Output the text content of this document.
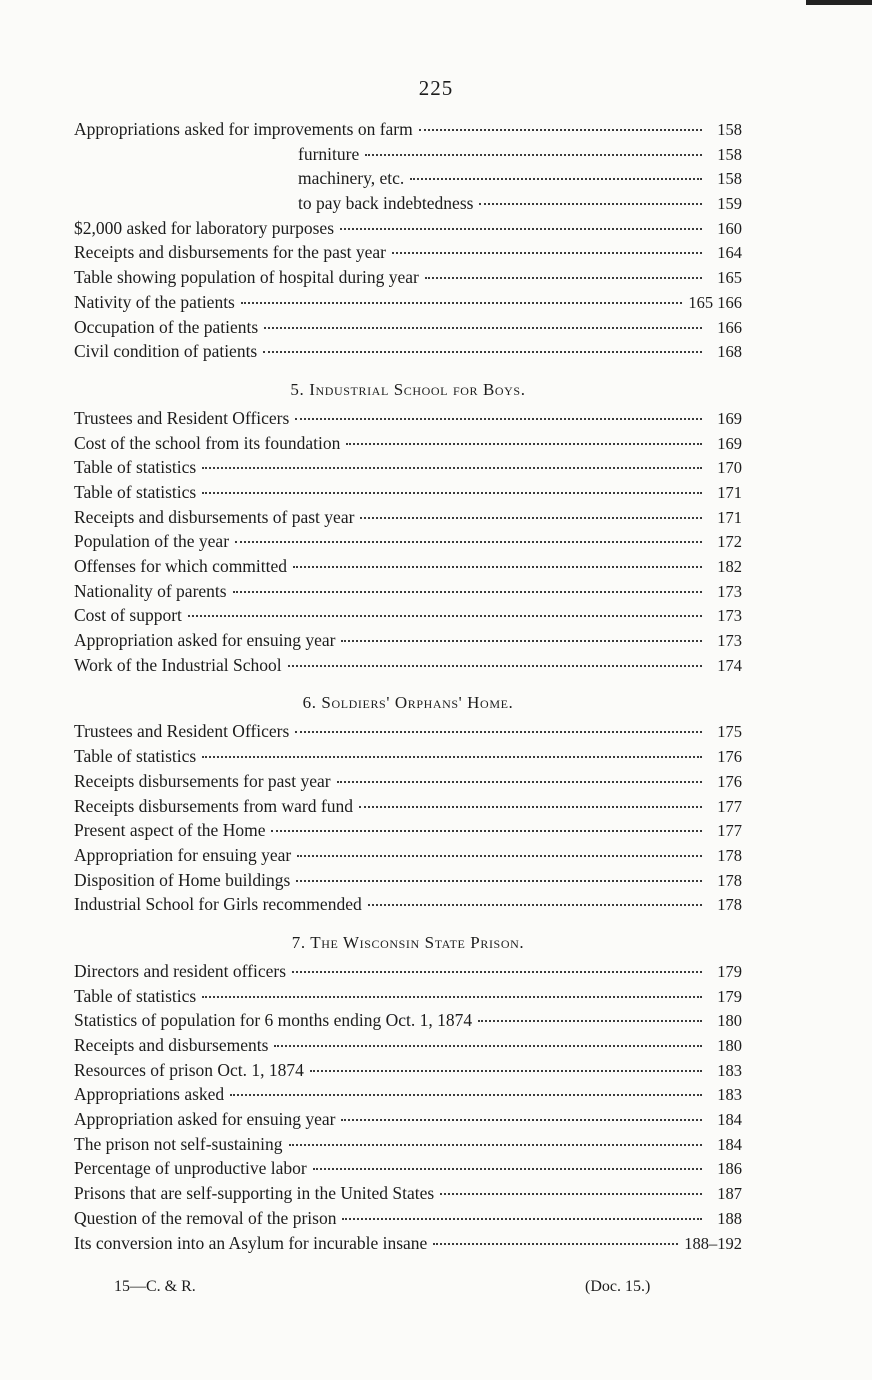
225
Appropriations asked for improvements on farm	158
furniture	158
machinery, etc.	158
to pay back indebtedness	159
$2,000 asked for laboratory purposes	160
Receipts and disbursements for the past year	164
Table showing population of hospital during year	165
Nativity of the patients	165 166
Occupation of the patients	166
Civil condition of patients	168
5. Industrial School for Boys.
Trustees and Resident Officers	169
Cost of the school from its foundation	169
Table of statistics	170
Table of statistics	171
Receipts and disbursements of past year	171
Population of the year	172
Offenses for which committed	182
Nationality of parents	173
Cost of support	173
Appropriation asked for ensuing year	173
Work of the Industrial School	174
6. Soldiers' Orphans' Home.
Trustees and Resident Officers	175
Table of statistics	176
Receipts disbursements for past year	176
Receipts disbursements from ward fund	177
Present aspect of the Home	177
Appropriation for ensuing year	178
Disposition of Home buildings	178
Industrial School for Girls recommended	178
7. The Wisconsin State Prison.
Directors and resident officers	179
Table of statistics	179
Statistics of population for 6 months ending Oct. 1, 1874	180
Receipts and disbursements	180
Resources of prison Oct. 1, 1874	183
Appropriations asked	183
Appropriation asked for ensuing year	184
The prison not self-sustaining	184
Percentage of unproductive labor	186
Prisons that are self-supporting in the United States	187
Question of the removal of the prison	188
Its conversion into an Asylum for incurable insane	188–192
15—C. & R.	(Doc. 15.)
